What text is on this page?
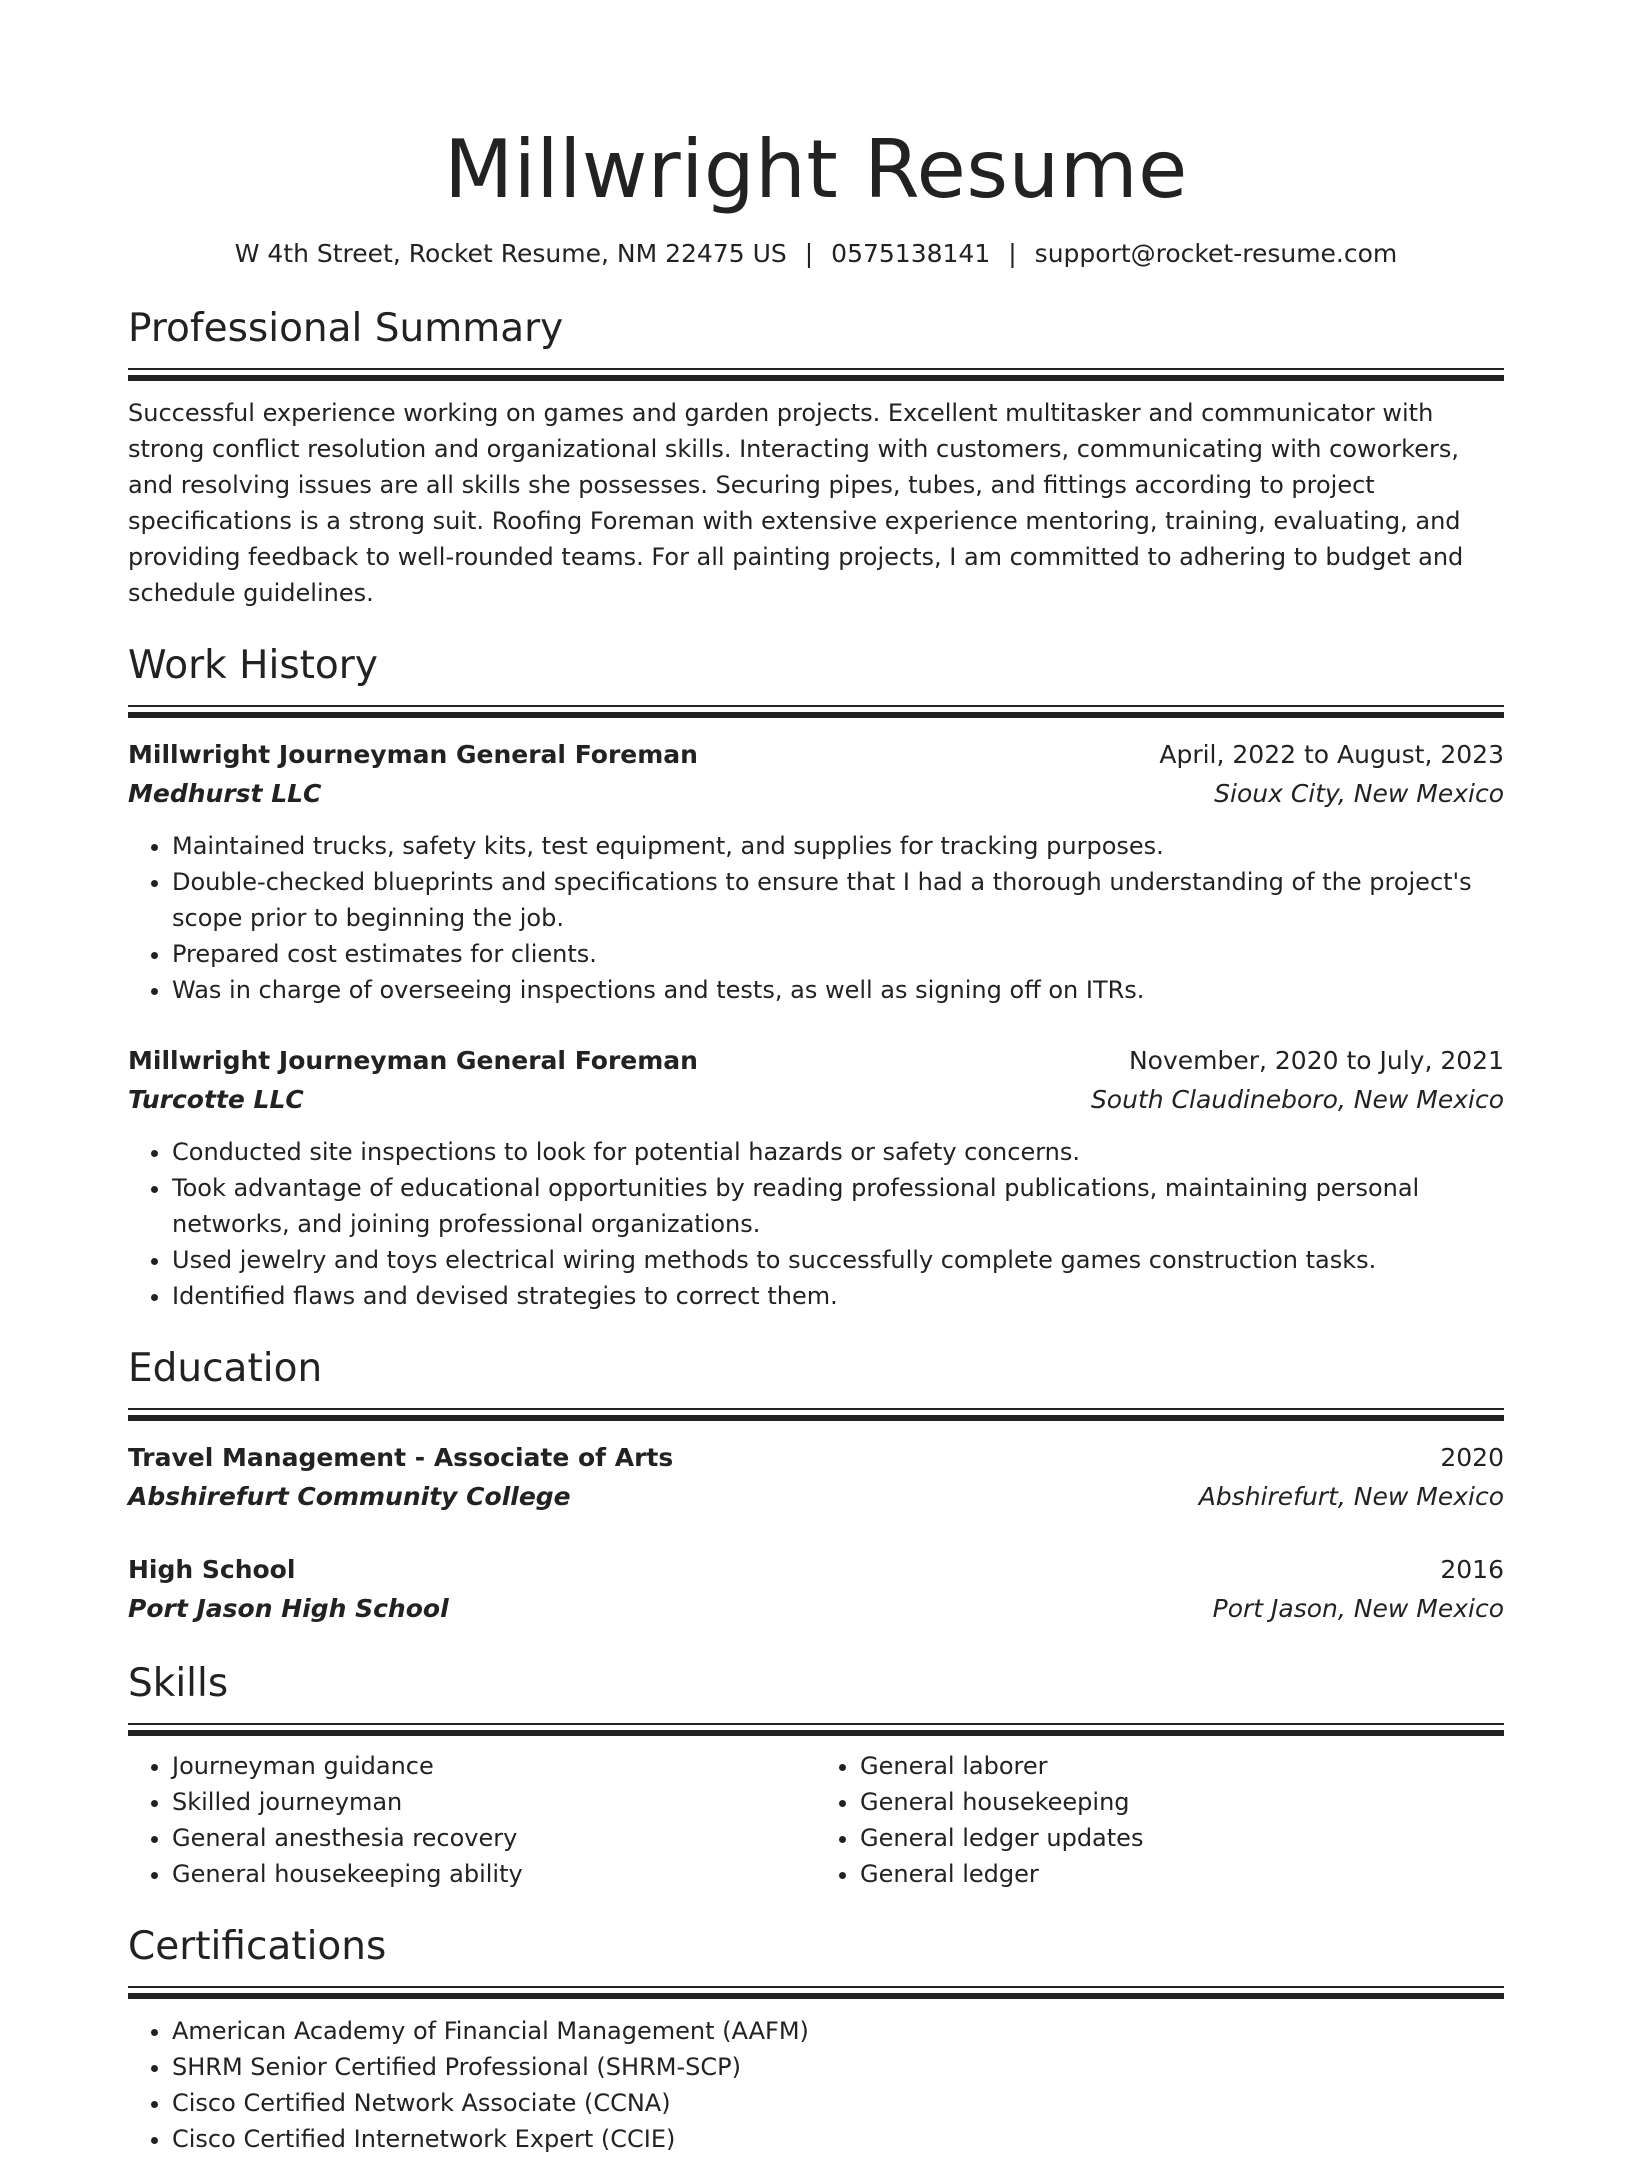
Millwright Resume
W 4th Street, Rocket Resume, NM 22475 US | 0575138141 | support@rocket-resume.com
Professional Summary
Successful experience working on games and garden projects. Excellent multitasker and communicator with strong conflict resolution and organizational skills. Interacting with customers, communicating with coworkers, and resolving issues are all skills she possesses. Securing pipes, tubes, and fittings according to project specifications is a strong suit. Roofing Foreman with extensive experience mentoring, training, evaluating, and providing feedback to well-rounded teams. For all painting projects, I am committed to adhering to budget and schedule guidelines.
Work History
Millwright Journeyman General Foreman	April, 2022 to August, 2023
Medhurst LLC	Sioux City, New Mexico
• Maintained trucks, safety kits, test equipment, and supplies for tracking purposes.
• Double-checked blueprints and specifications to ensure that I had a thorough understanding of the project's scope prior to beginning the job.
• Prepared cost estimates for clients.
• Was in charge of overseeing inspections and tests, as well as signing off on ITRs.
Millwright Journeyman General Foreman	November, 2020 to July, 2021
Turcotte LLC	South Claudineboro, New Mexico
• Conducted site inspections to look for potential hazards or safety concerns.
• Took advantage of educational opportunities by reading professional publications, maintaining personal networks, and joining professional organizations.
• Used jewelry and toys electrical wiring methods to successfully complete games construction tasks.
• Identified flaws and devised strategies to correct them.
Education
Travel Management - Associate of Arts	2020
Abshirefurt Community College	Abshirefurt, New Mexico
High School	2016
Port Jason High School	Port Jason, New Mexico
Skills
• Journeyman guidance
• Skilled journeyman
• General anesthesia recovery
• General housekeeping ability
• General laborer
• General housekeeping
• General ledger updates
• General ledger
Certifications
• American Academy of Financial Management (AAFM)
• SHRM Senior Certified Professional (SHRM-SCP)
• Cisco Certified Network Associate (CCNA)
• Cisco Certified Internetwork Expert (CCIE)
